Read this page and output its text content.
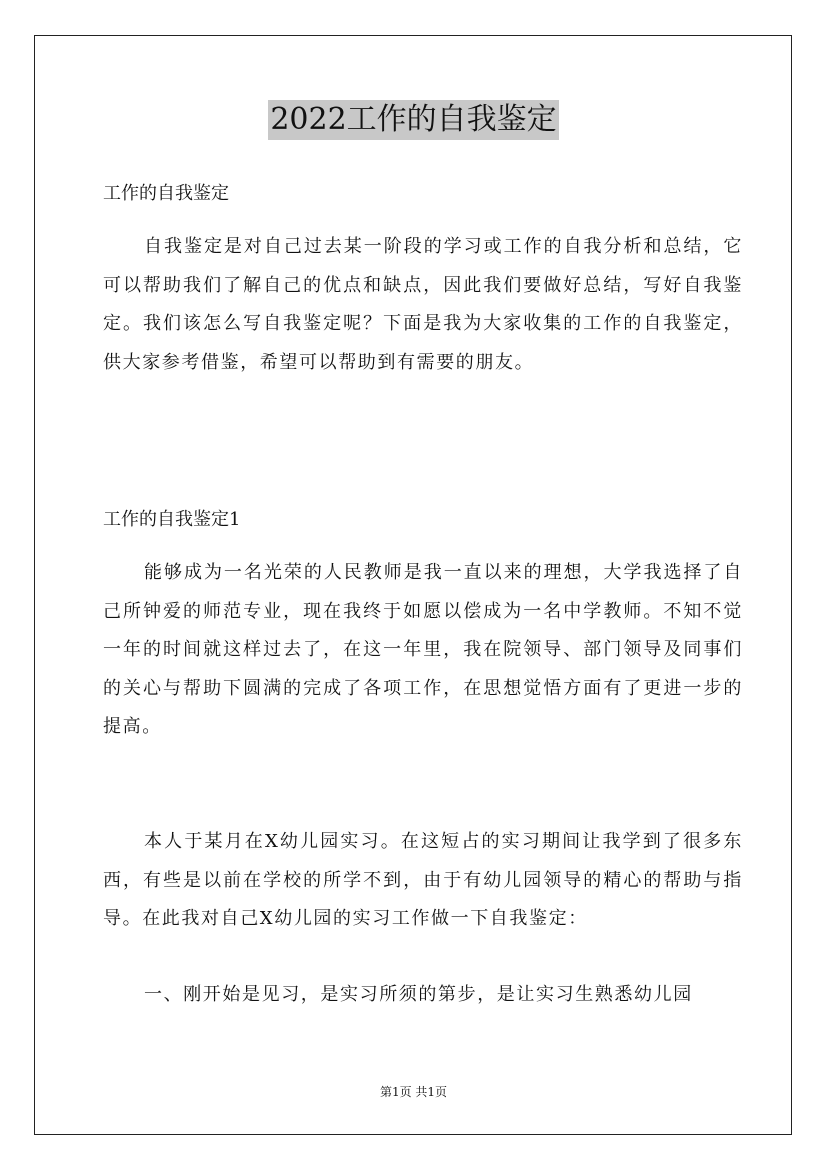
2022工作的自我鉴定
工作的自我鉴定

自我鉴定是对自己过去某一阶段的学习或工作的自我分析和总结，它可以帮助我们了解自己的优点和缺点，因此我们要做好总结，写好自我鉴定。我们该怎么写自我鉴定呢？下面是我为大家收集的工作的自我鉴定，供大家参考借鉴，希望可以帮助到有需要的朋友。

工作的自我鉴定1

能够成为一名光荣的人民教师是我一直以来的理想，大学我选择了自己所钟爱的师范专业，现在我终于如愿以偿成为一名中学教师。不知不觉一年的时间就这样过去了，在这一年里，我在院领导、部门领导及同事们的关心与帮助下圆满的完成了各项工作，在思想觉悟方面有了更进一步的提高。

本人于某月在X幼儿园实习。在这短占的实习期间让我学到了很多东西，有些是以前在学校的所学不到，由于有幼儿园领导的精心的帮助与指导。在此我对自己X幼儿园的实习工作做一下自我鉴定：

一、刚开始是见习，是实习所须的第步，是让实习生熟悉幼儿园

第1页 共1页
